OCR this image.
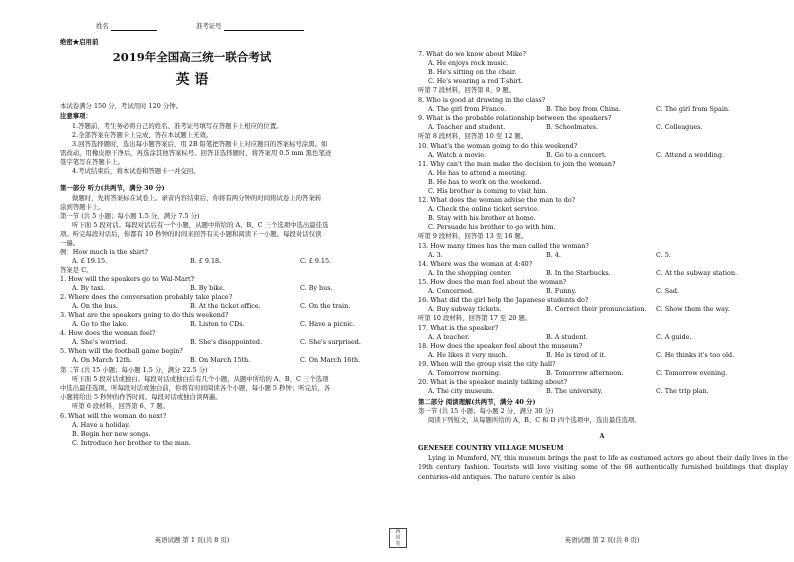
姓名	准考证号
绝密★启用前
2019年全国高三统一联合考试
英 语
本试卷满分 150 分，考试用时 120 分钟。
注意事项：
1.答题前，考生务必将自己的姓名、准考证号填写在答题卡上相应的位置。
2.全部答案在答题卡上完成，答在本试题上无效。
3.回答选择题时，选出每小题答案后，用 2B 铅笔把答题卡上对应题目的答案标号涂黑。如
需改动，用橡皮擦干净后，再选涂其他答案标号。回答非选择题时，将答案用 0.5 mm 黑色笔迹
签字笔写在答题卡上。
4.考试结束后，将本试卷和答题卡一并交回。
第一部分 听力(共两节，满分 30 分)
做题时，先将答案标在试卷上。录音内容结束后，你将有两分钟的时间将试卷上的答案转
涂到答题卡上。
第一节 (共 5 小题；每小题 1.5 分，满分 7.5 分)
听下面 5 段对话。每段对话后有一个小题，从题中所给的 A、B、C 三个选项中选出最佳选
项。听完每段对话后，你都有 10 秒钟的时间来回答有关小题和阅读下一小题。每段对话仅读
一遍。
例：How much is the shirt?
A. £ 19.15.	B. £ 9.18.	C. £ 9.15.
答案是 C。
1. How will the speakers go to Wal-Mart?
A. By taxi.	B. By bike.	C. By bus.
2. Where does the conversation probably take place?
A. On the bus.	B. At the ticket office.	C. On the train.
3. What are the speakers going to do this weekend?
A. Go to the lake.	B. Listen to CDs.	C. Have a picnic.
4. How does the woman feel?
A. She's worried.	B. She's disappointed.	C. She's surprised.
5. When will the football game begin?
A. On March 12th.	B. On March 15th.	C. On March 16th.
第二节 (共 15 小题；每小题 1.5 分，满分 22.5 分)
听下面 5 段对话或独白。每段对话或独白后有几个小题，从题中所给的 A、B、C 三个选项
中选出最佳选项。听每段对话或独白前，你将有时间阅读各个小题，每小题 5 秒钟；听完后，各
小题将给出 5 秒钟的作答时间。每段对话或独白读两遍。
听第 6 段材料，回答第 6、7 题。
6. What will the woman do next?
A. Have a holiday.
B. Begin her new songs.
C. Introduce her brother to the man.
英语试题 第 1 页(共 8 页)
西
同
卷
7. What do we know about Mike?
A. He enjoys rock music.
B. He's sitting on the chair.
C. He's wearing a red T-shirt.
听第 7 段材料，回答第 8、9 题。
8. Who is good at drawing in the class?
A. The girl from France.	B. The boy from China.	C. The girl from Spain.
9. What is the probable relationship between the speakers?
A. Teacher and student.	B. Schoolmates.	C. Colleagues.
听第 8 段材料，回答第 10 至 12 题。
10. What's the woman going to do this weekend?
A. Watch a movie.	B. Go to a concert.	C. Attend a wedding.
11. Why can't the man make the decision to join the woman?
A. He has to attend a meeting.
B. He has to work on the weekend.
C. His brother is coming to visit him.
12. What does the woman advise the man to do?
A. Check the online ticket service.
B. Stay with his brother at home.
C. Persuade his brother to go with him.
听第 9 段材料，回答第 13 至 16 题。
13. How many times has the man called the woman?
A. 3.	B. 4.	C. 5.
14. Where was the woman at 4:40?
A. In the shopping center.	B. In the Starbucks.	C. At the subway station.
15. How does the man feel about the woman?
A. Concerned.	B. Funny.	C. Sad.
16. What did the girl help the Japanese students do?
A. Buy subway tickets.	B. Correct their pronunciation. C. Show them the way.
听第 10 段材料，回答第 17 至 20 题。
17. What is the speaker?
A. A teacher.	B. A student.	C. A guide.
18. How does the speaker feel about the museum?
A. He likes it very much.	B. He is tired of it.	C. He thinks it's too old.
19. When will the group visit the city hall?
A. Tomorrow morning.	B. Tomorrow afternoon.	C. Tomorrow evening.
20. What is the speaker mainly talking about?
A. The city museum.	B. The university.	C. The trip plan.
第二部分 阅读理解(共两节，满分 40 分)
第一节 (共 15 小题；每小题 2 分，满分 30 分)
阅读下列短文，从每题所给的 A、B、C 和 D 四个选项中，选出最佳选项。
A
GENESEE COUNTRY VILLAGE MUSEUM
Lying in Mumford, NY, this museum brings the past to life as costumed actors go about their daily lives in the 19th century fashion. Tourists will love visiting some of the 68 authentically furnished buildings that display centuries-old antiques. The nature center is also
英语试题 第 2 页(共 8 页)
